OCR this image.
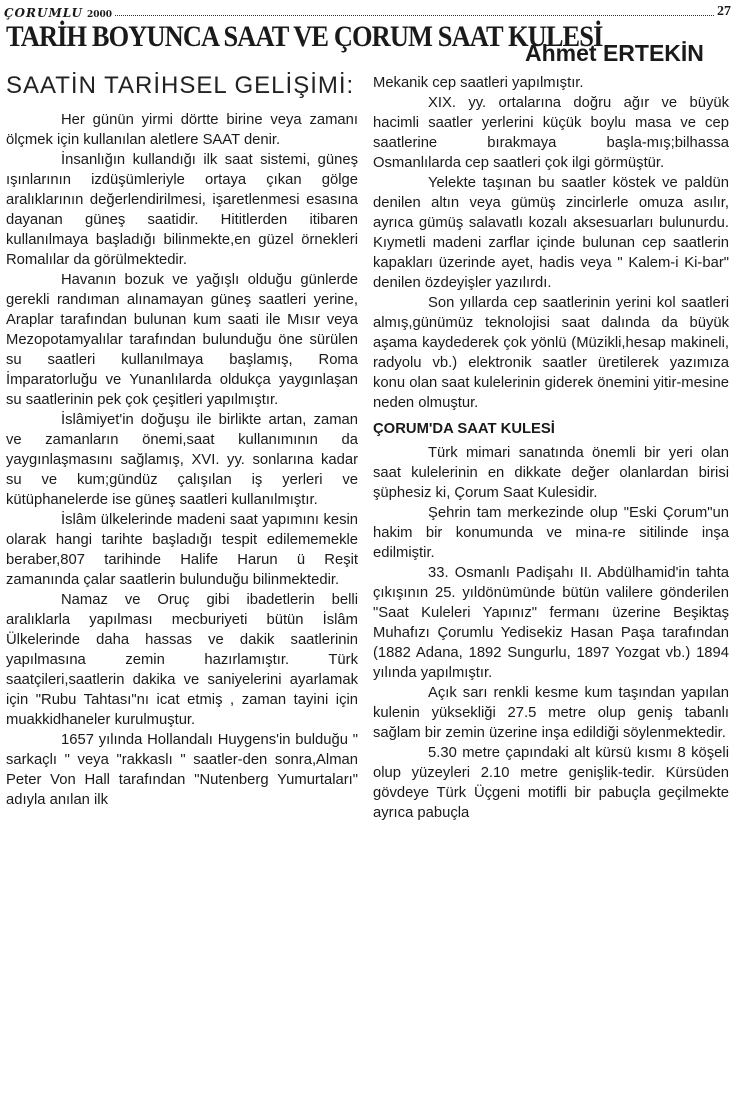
ÇORUMLU 2000	27
TARİH BOYUNCA SAAT VE ÇORUM SAAT KULESİ
Ahmet ERTEKİN
SAATİN TARİHSEL GELİŞİMİ:

Her günün yirmi dörtte birine veya zamanı ölçmek için kullanılan aletlere SAAT denir.

İnsanlığın kullandığı ilk saat sistemi, güneş ışınlarının izdüşümleriyle ortaya çıkan gölge aralıklarının değerlendirilmesi, işaretlenmesi esasına dayanan güneş saatidir. Hititlerden itibaren kullanılmaya başladığı bilinmekte,en güzel örnekleri Romalılar da görülmektedir.

Havanın bozuk ve yağışlı olduğu günlerde gerekli randıman alınamayan güneş saatleri yerine, Araplar tarafından bulunan kum saati ile Mısır veya Mezopotamyalılar tarafından bulunduğu öne sürülen su saatleri kullanılmaya başlamış, Roma İmparatorluğu ve Yunanlılarda oldukça yaygınlaşan su saatlerinin pek çok çeşitleri yapılmıştır.

İslâmiyet'in doğuşu ile birlikte artan, zaman ve zamanların önemi,saat kullanımının da yaygınlaşmasını sağlamış, XVI. yy. sonlarına kadar su ve kum;gündüz çalışılan iş yerleri ve kütüphanelerde ise güneş saatleri kullanılmıştır.

İslâm ülkelerinde madeni saat yapımını kesin olarak hangi tarihte başladığı tespit edilememekle beraber,807 tarihinde Halife Harun ü Reşit zamanında çalar saatlerin bulunduğu bilinmektedir.

Namaz ve Oruç gibi ibadetlerin belli aralıklarla yapılması mecburiyeti bütün İslâm Ülkelerinde daha hassas ve dakik saatlerinin yapılmasına zemin hazırlamıştır. Türk saatçileri,saatlerin dakika ve saniyelerini ayarlamak için "Rubu Tahtası"nı icat etmiş , zaman tayini için muakkidhaneler kurulmuştur.

1657 yılında Hollandalı Huygens'in bulduğu " sarkaçlı " veya "rakkaslı " saatler-den sonra,Alman Peter Von Hall tarafından "Nutenberg Yumurtaları" adıyla anılan ilk

Mekanik cep saatleri yapılmıştır.

XIX. yy. ortalarına doğru ağır ve büyük hacimli saatler yerlerini küçük boylu masa ve cep saatlerine bırakmaya başla-mış;bilhassa Osmanlılarda cep saatleri çok ilgi görmüştür.

Yelekte taşınan bu saatler köstek ve paldün denilen altın veya gümüş zincirlerle omuza asılır, ayrıca gümüş salavatlı kozalı aksesuarları bulunurdu. Kıymetli madeni zarflar içinde bulunan cep saatlerin kapakları üzerinde ayet, hadis veya " Kalem-i Ki-bar" denilen özdeyişler yazılırdı.

Son yıllarda cep saatlerinin yerini kol saatleri almış,günümüz teknolojisi saat dalında da büyük aşama kaydederek çok yönlü (Müzikli,hesap makineli, radyolu vb.) elektronik saatler üretilerek yazımıza konu olan saat kulelerinin giderek önemini yitir-mesine neden olmuştur.

ÇORUM'DA SAAT KULESİ

Türk mimari sanatında önemli bir yeri olan saat kulelerinin en dikkate değer olanlardan birisi şüphesiz ki, Çorum Saat Kulesidir.

Şehrin tam merkezinde olup "Eski Çorum"un hakim bir konumunda ve mina-re sitilinde inşa edilmiştir.

33. Osmanlı Padişahı II. Abdülhamid'in tahta çıkışının 25. yıldönümünde bütün valilere gönderilen "Saat Kuleleri Yapınız" fermanı üzerine Beşiktaş Muhafızı Çorumlu Yedisekiz Hasan Paşa tarafından (1882 Adana, 1892 Sungurlu, 1897 Yozgat vb.) 1894 yılında yapılmıştır.

Açık sarı renkli kesme kum taşından yapılan kulenin yüksekliği 27.5 metre olup geniş tabanlı sağlam bir zemin üzerine inşa edildiği söylenmektedir.

5.30 metre çapındaki alt kürsü kısmı 8 köşeli olup yüzeyleri 2.10 metre genişlik-tedir. Kürsüden gövdeye Türk Üçgeni motifli bir pabuçla geçilmekte ayrıca pabuçla
